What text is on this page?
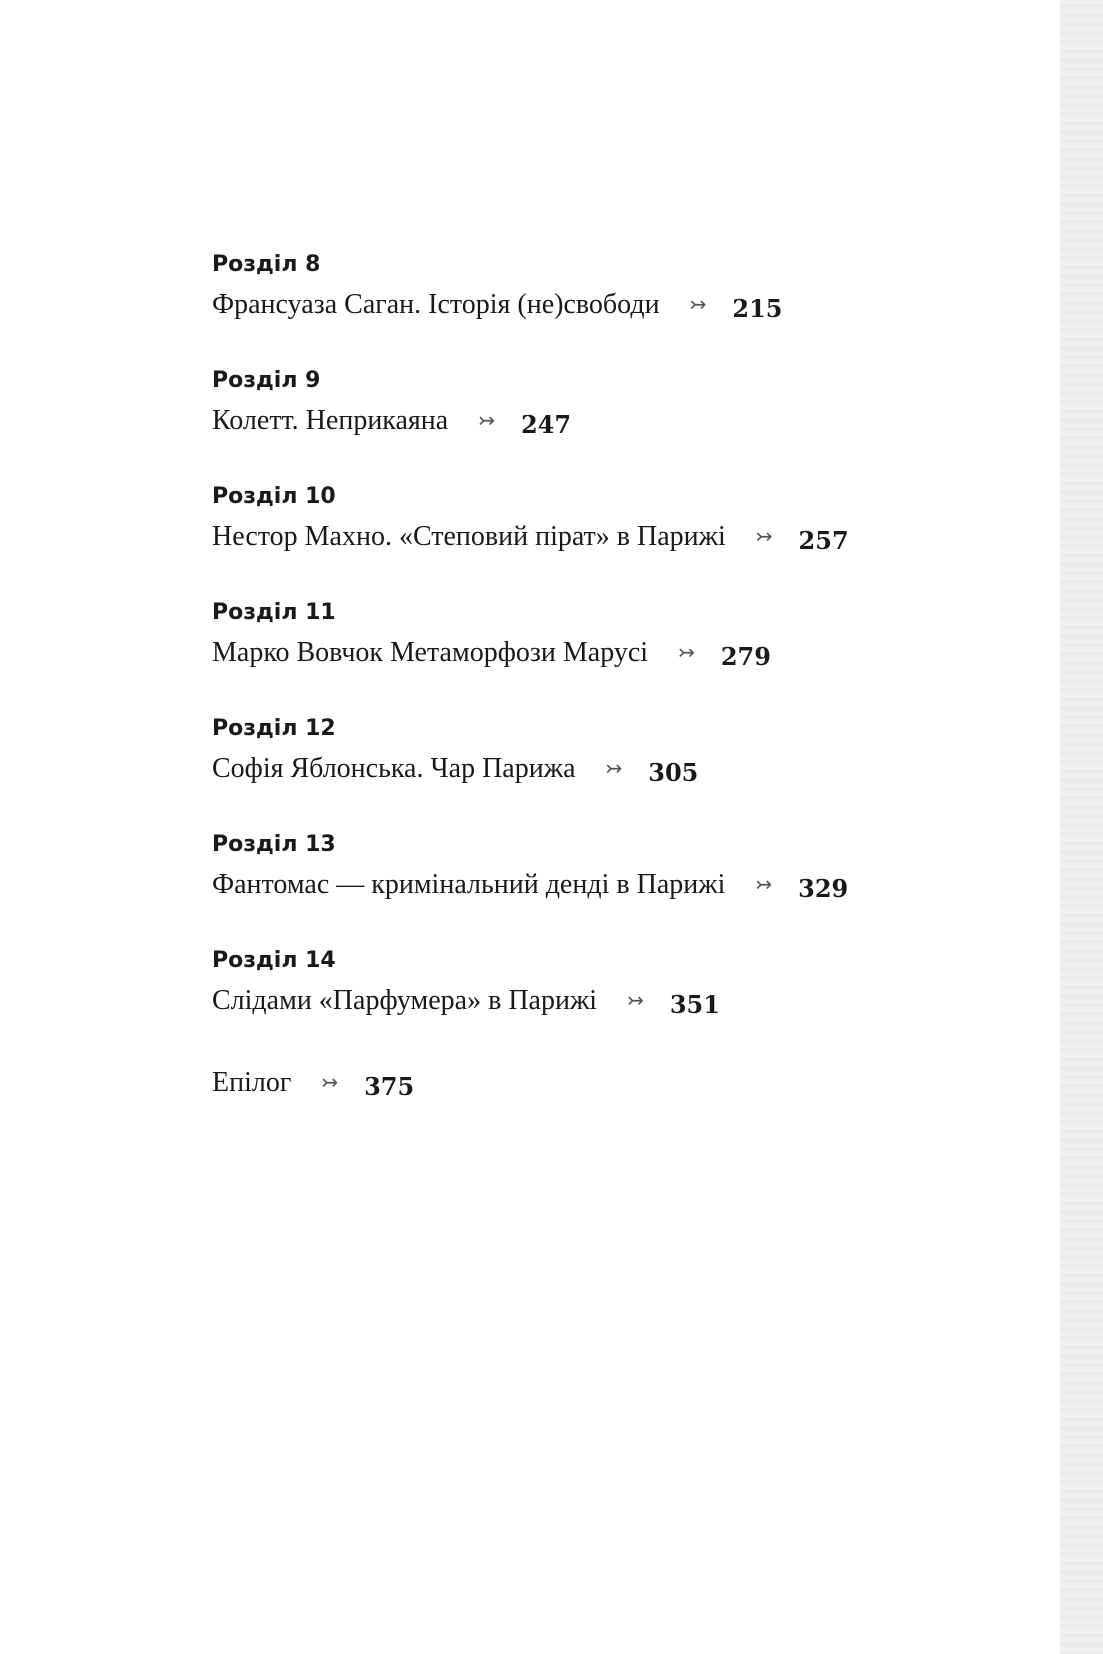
Розділ 8
Франсуаза Саган. Історія (не)свободи ↣ 215
Розділ 9
Колетт. Неприкаяна ↣ 247
Розділ 10
Нестор Махно. «Степовий пірат» в Парижі ↣ 257
Розділ 11
Марко Вовчок Метаморфози Марусі ↣ 279
Розділ 12
Софія Яблонська. Чар Парижа ↣ 305
Розділ 13
Фантомас — кримінальний денді в Парижі ↣ 329
Розділ 14
Слідами «Парфумера» в Парижі ↣ 351
Епілог ↣ 375
